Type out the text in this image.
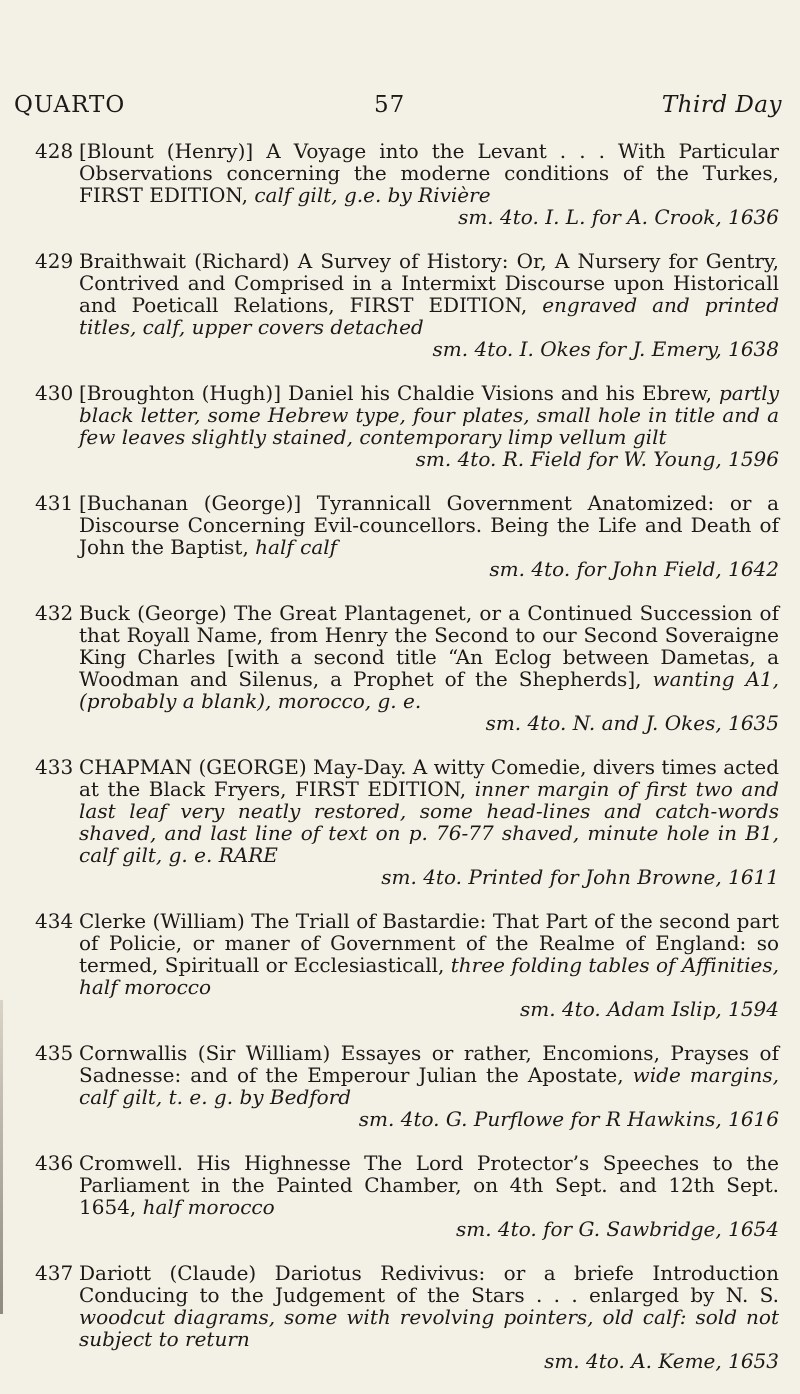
QUARTO	57	Third Day
428 [Blount (Henry)] A Voyage into the Levant . . . With Particular Observations concerning the moderne conditions of the Turkes, FIRST EDITION, calf gilt, g.e. by Rivière
sm. 4to. I. L. for A. Crook, 1636
429 Braithwait (Richard) A Survey of History: Or, A Nursery for Gentry, Contrived and Comprised in a Intermixt Discourse upon Historicall and Poeticall Relations, FIRST EDITION, engraved and printed titles, calf, upper covers detached
sm. 4to. I. Okes for J. Emery, 1638
430 [Broughton (Hugh)] Daniel his Chaldie Visions and his Ebrew, partly black letter, some Hebrew type, four plates, small hole in title and a few leaves slightly stained, contemporary limp vellum gilt
sm. 4to. R. Field for W. Young, 1596
431 [Buchanan (George)] Tyrannicall Government Anatomized: or a Discourse Concerning Evil-councellors. Being the Life and Death of John the Baptist, half calf
sm. 4to. for John Field, 1642
432 Buck (George) The Great Plantagenet, or a Continued Succession of that Royall Name, from Henry the Second to our Second Soveraigne King Charles [with a second title “An Eclog between Dametas, a Woodman and Silenus, a Prophet of the Shepherds], wanting A1, (probably a blank), morocco, g. e.
sm. 4to. N. and J. Okes, 1635
433 CHAPMAN (GEORGE) May-Day. A witty Comedie, divers times acted at the Black Fryers, FIRST EDITION, inner margin of first two and last leaf very neatly restored, some head-lines and catch-words shaved, and last line of text on p. 76-77 shaved, minute hole in B1, calf gilt, g. e. RARE
sm. 4to. Printed for John Browne, 1611
434 Clerke (William) The Triall of Bastardie: That Part of the second part of Policie, or maner of Government of the Realme of England: so termed, Spirituall or Ecclesiasticall, three folding tables of Affinities, half morocco
sm. 4to. Adam Islip, 1594
435 Cornwallis (Sir William) Essayes or rather, Encomions, Prayses of Sadnesse: and of the Emperour Julian the Apostate, wide margins, calf gilt, t. e. g. by Bedford
sm. 4to. G. Purflowe for R Hawkins, 1616
436 Cromwell. His Highnesse The Lord Protector’s Speeches to the Parliament in the Painted Chamber, on 4th Sept. and 12th Sept. 1654, half morocco
sm. 4to. for G. Sawbridge, 1654
437 Dariott (Claude) Dariotus Redivivus: or a briefe Introduction Conducing to the Judgement of the Stars . . . enlarged by N. S. woodcut diagrams, some with revolving pointers, old calf: sold not subject to return
sm. 4to. A. Keme, 1653
